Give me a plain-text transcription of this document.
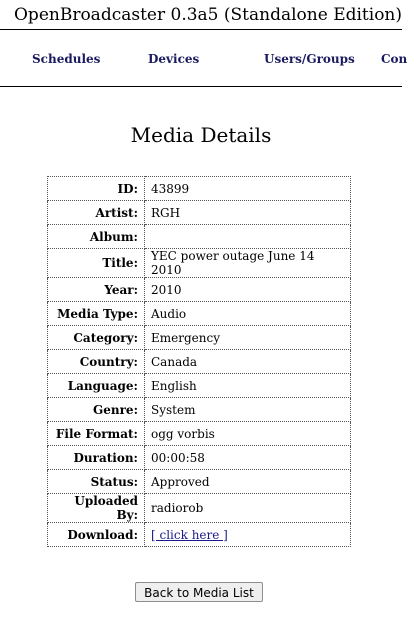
OpenBroadcaster 0.3a5 (Standalone Edition)
Schedules	Devices	Users/Groups Con
Media Details
ID:	43899
Artist:	RGH
Album:	
Title:	YEC power outage June 14 2010
Year:	2010
Media Type:	Audio
Category:	Emergency
Country:	Canada
Language:	English
Genre:	System
File Format:	ogg vorbis
Duration:	00:00:58
Status:	Approved
Uploaded By:	radiorob
Download:	[ click here ]
Back to Media List
